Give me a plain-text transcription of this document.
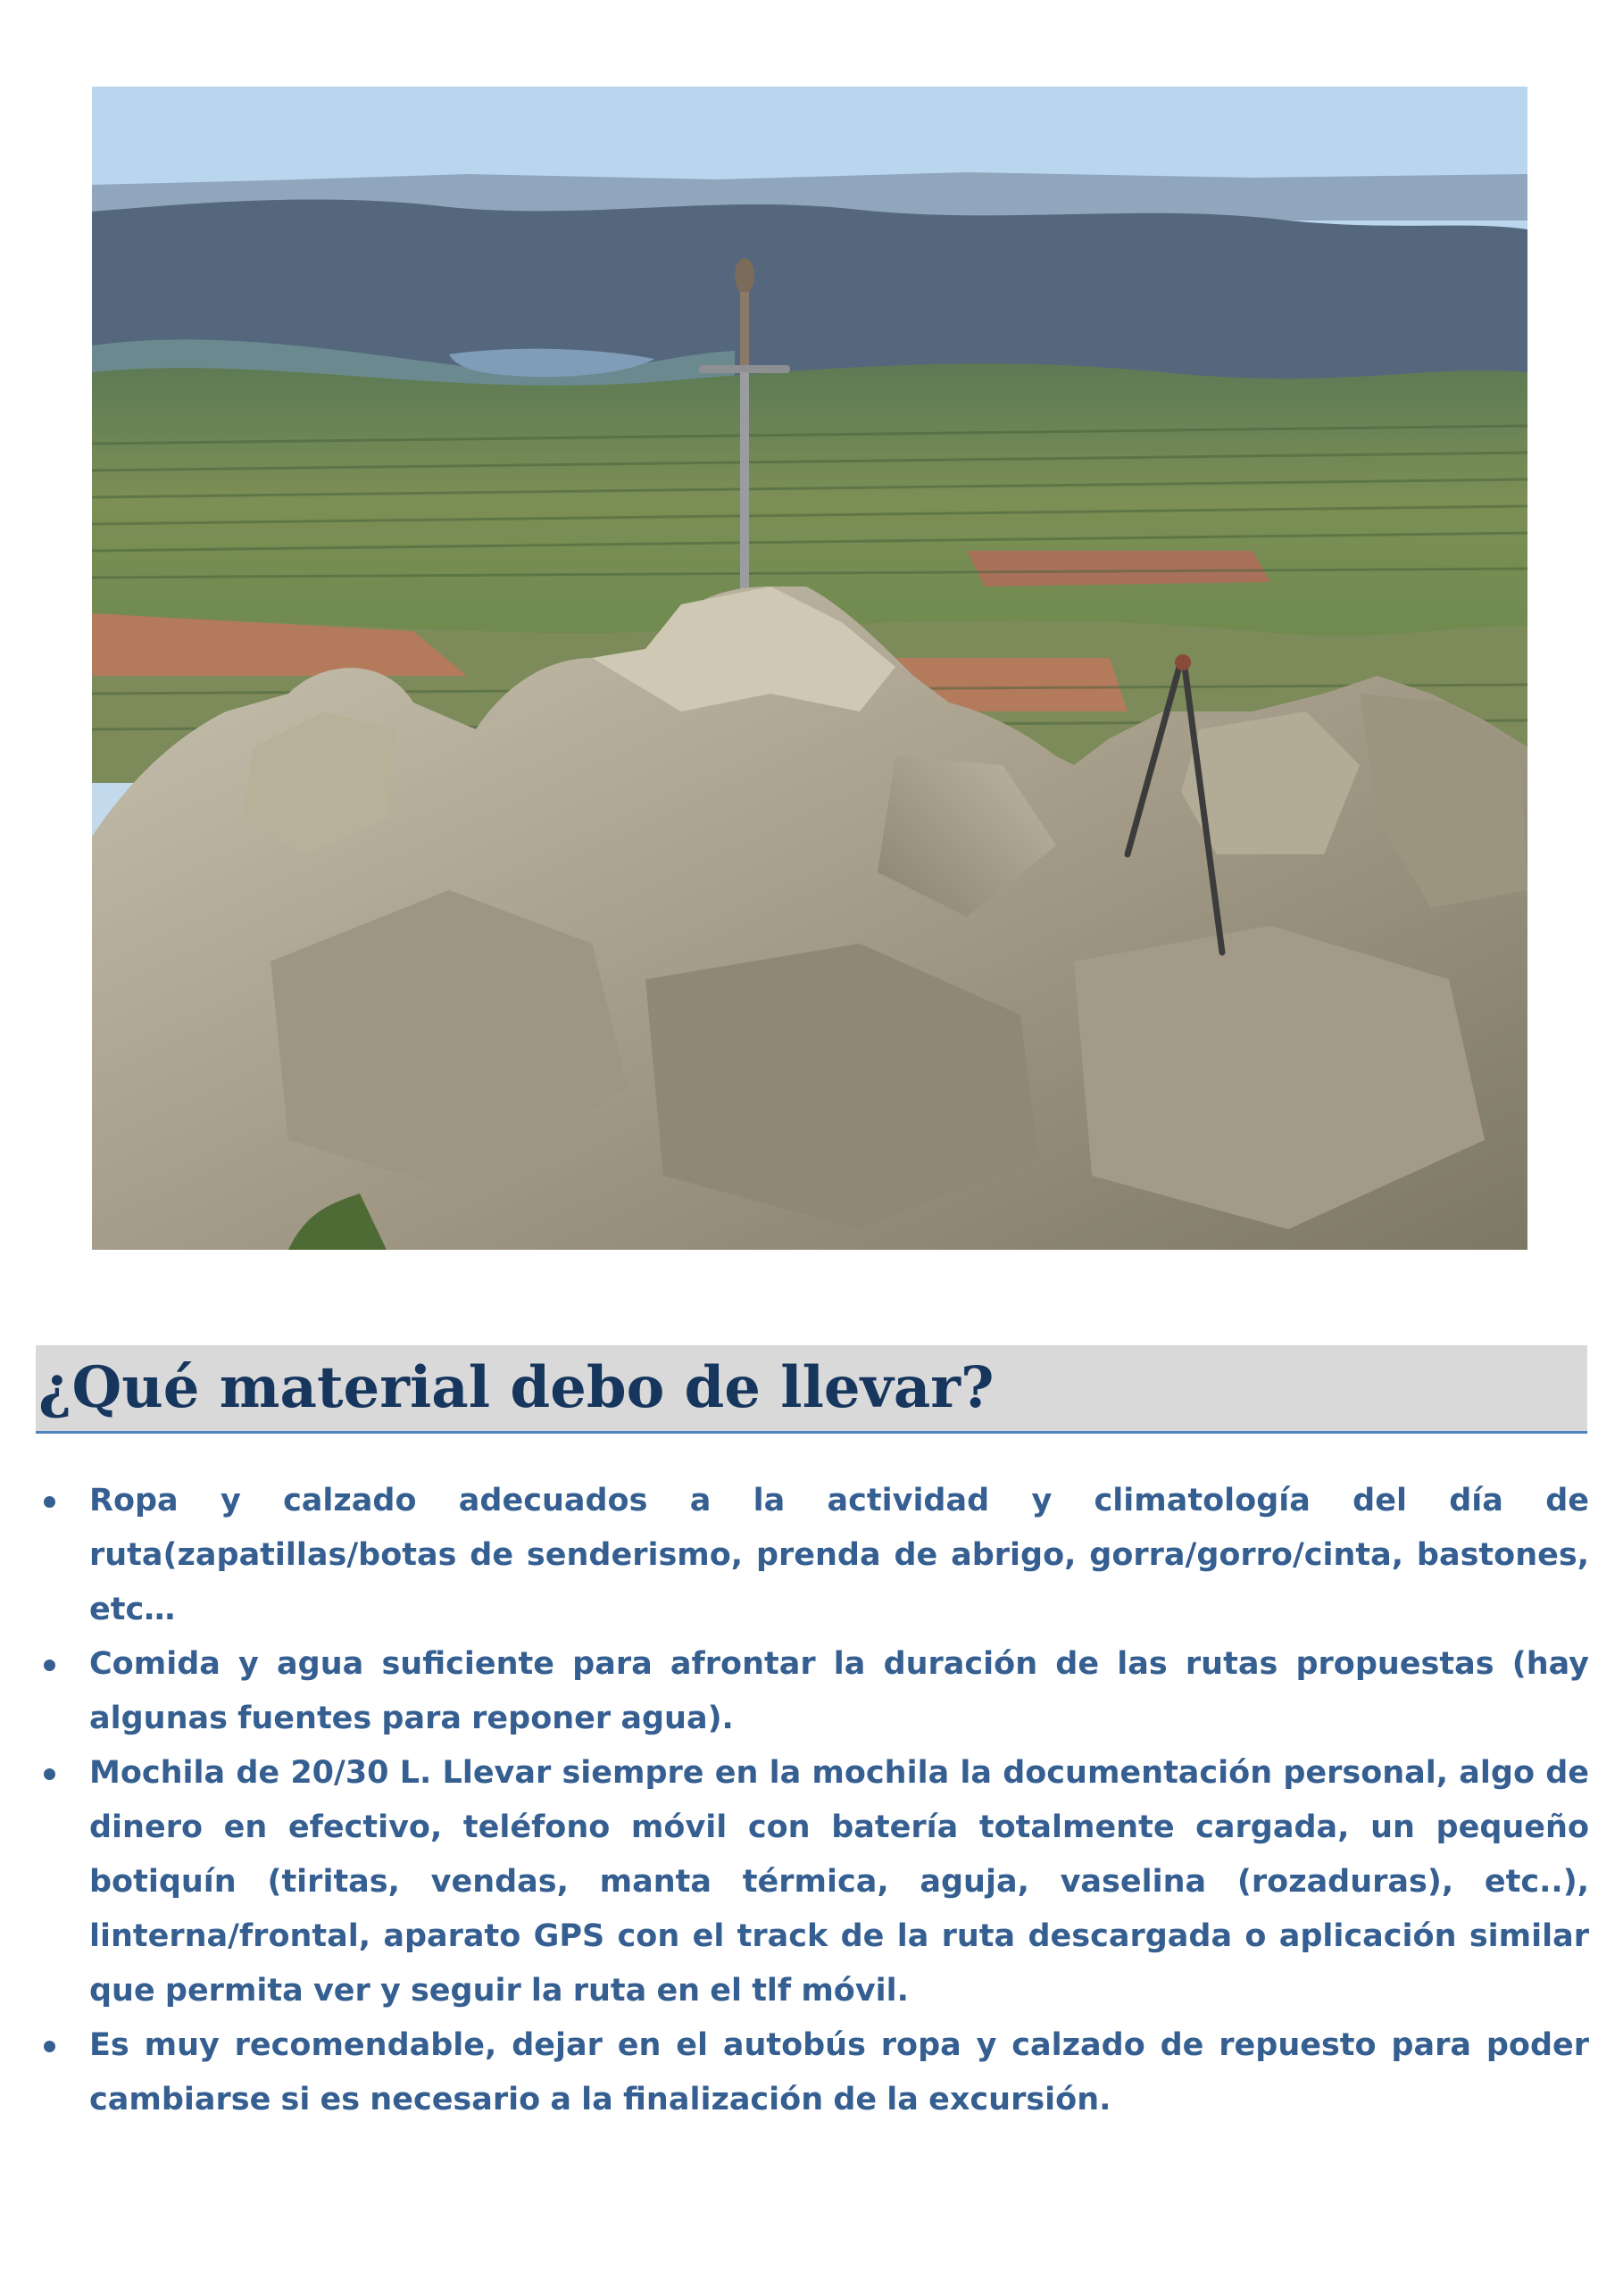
¿Qué material debo de llevar?
Ropa y calzado adecuados a la actividad y climatología del día de ruta(zapatillas/botas de senderismo, prenda de abrigo, gorra/gorro/cinta, bastones, etc…
Comida y agua suficiente para afrontar la duración de las rutas propuestas (hay algunas fuentes para reponer agua).
Mochila de 20/30 L. Llevar siempre en la mochila la documentación personal, algo de dinero en efectivo, teléfono móvil con batería totalmente cargada, un pequeño botiquín (tiritas, vendas, manta térmica, aguja, vaselina (rozaduras), etc..), linterna/frontal, aparato GPS con el track de la ruta descargada o aplicación similar que permita ver y seguir la ruta en el tlf móvil.
Es muy recomendable, dejar en el autobús ropa y calzado de repuesto para poder cambiarse si es necesario a la finalización de la excursión.
